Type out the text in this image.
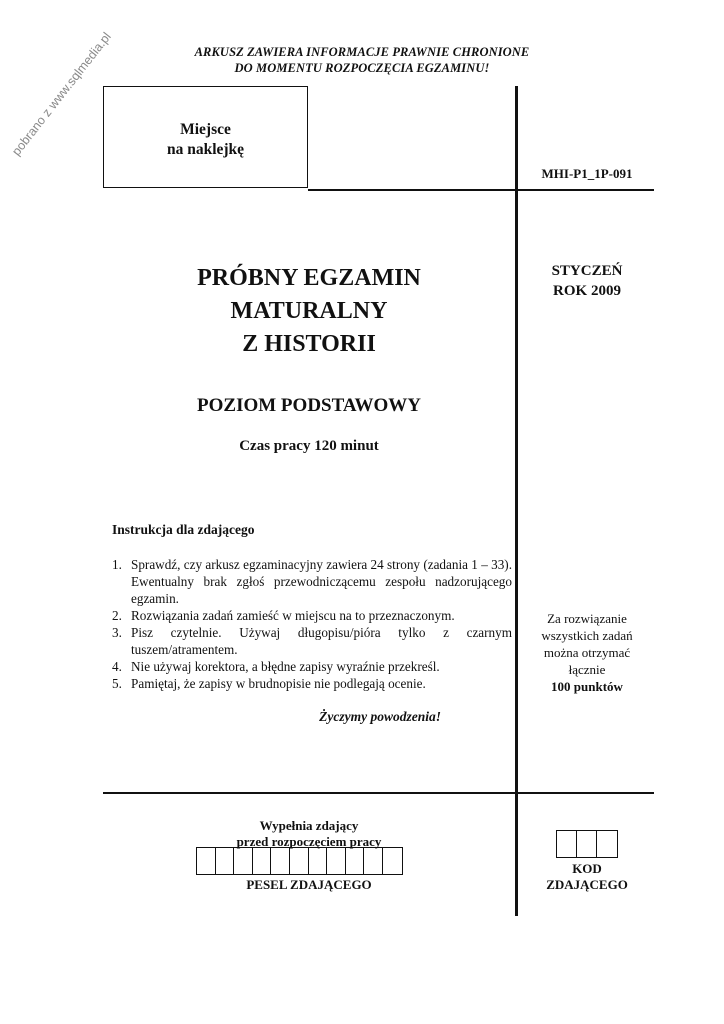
ARKUSZ ZAWIERA INFORMACJE PRAWNIE CHRONIONE
DO MOMENTU ROZPOCZĘCIA EGZAMINU!
pobrano z www.sqlmedia.pl	Miejsce
na naklejkę
MHI-P1_1P-091
PRÓBNY EGZAMIN
MATURALNY
Z HISTORII
STYCZEŃ
ROK 2009
POZIOM PODSTAWOWY
Czas pracy 120 minut
Instrukcja dla zdającego
1. Sprawdź, czy arkusz egzaminacyjny zawiera 24 strony (zadania 1 – 33). Ewentualny brak zgłoś przewodniczącemu zespołu nadzorującego egzamin.
2. Rozwiązania zadań zamieść w miejscu na to przeznaczonym.
3. Pisz czytelnie. Używaj długopisu/pióra tylko z czarnym tuszem/atramentem.
4. Nie używaj korektora, a błędne zapisy wyraźnie przekreśl.
5. Pamiętaj, że zapisy w brudnopisie nie podlegają ocenie.
Życzymy powodzenia!
Za rozwiązanie
wszystkich zadań
można otrzymać
łącznie
100 punktów
Wypełnia zdający
przed rozpoczęciem pracy
PESEL ZDAJĄCEGO
KOD
ZDAJĄCEGO
